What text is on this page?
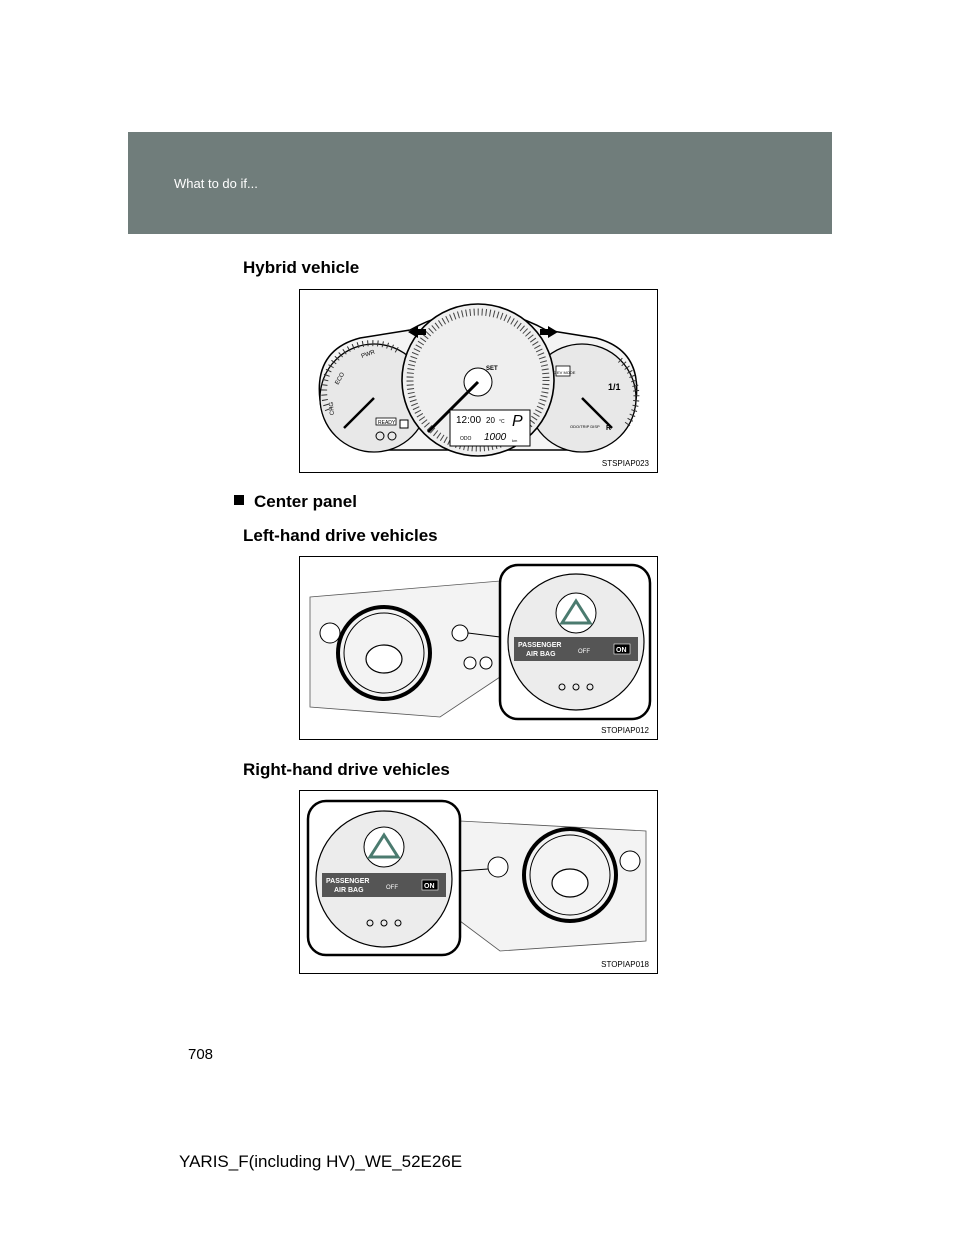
What to do if...
Hybrid vehicle
PWR
ECO
CHG
READY
1/1
R
EV MODE
ODO/TRIP DISP
SET
12:00 20 °C P
ODO 1000 km
STSPIAP023
Center panel
Left-hand drive vehicles
PASSENGER
AIR BAG	OFF	ON
STOPIAP012
Right-hand drive vehicles
PASSENGER
AIR BAG	OFF	ON
STOPIAP018
708
YARIS_F(including HV)_WE_52E26E
